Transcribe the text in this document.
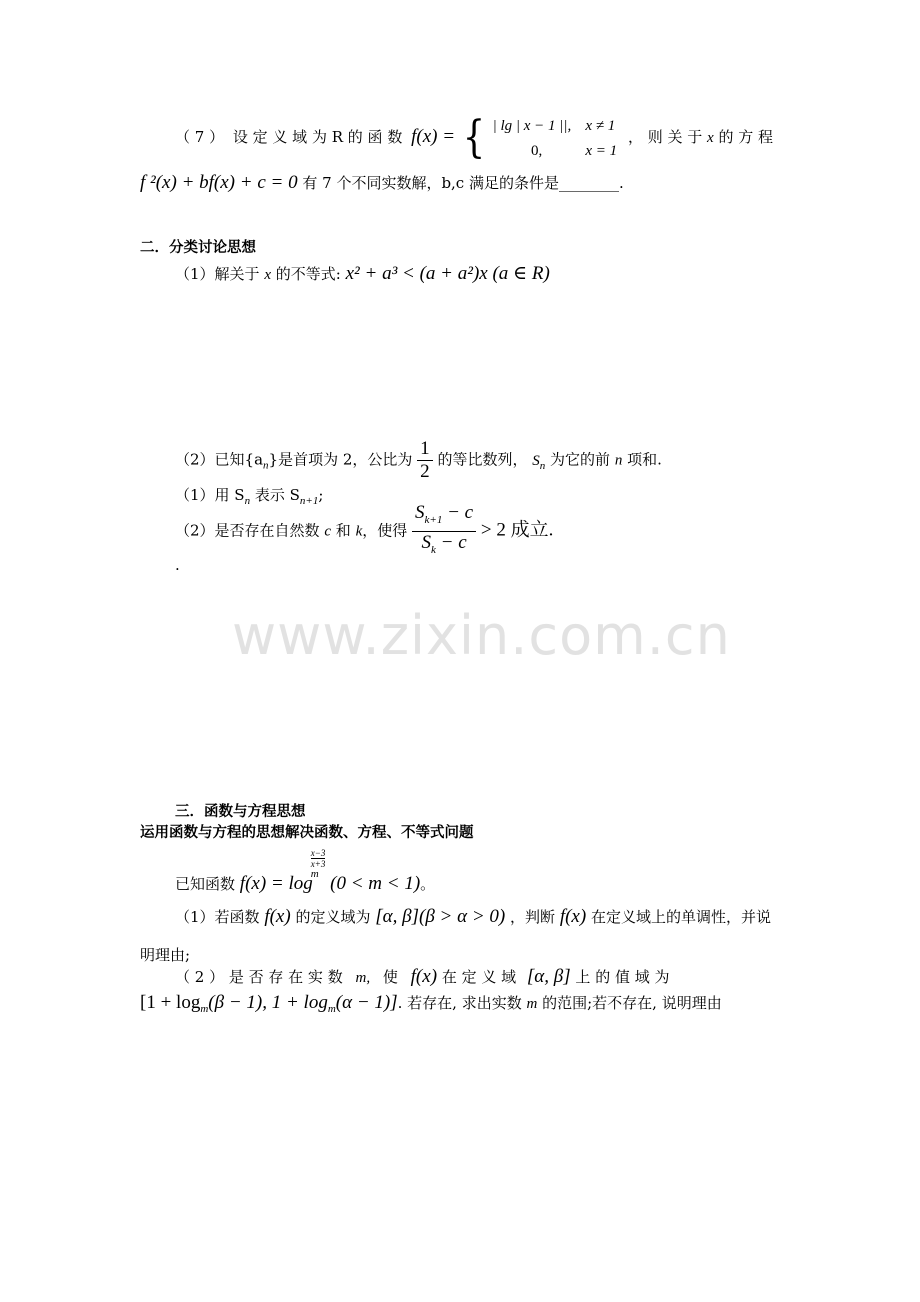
（ 7 ） 设 定 义 域 为 R 的 函 数 f(x) = { | lg | x − 1 ||, x ≠ 1
0,	x = 1
， 则 关 于 x 的 方 程
f ²(x) + bf(x) + c = 0 有 7 个不同实数解，b,c 满足的条件是________.
二．分类讨论思想
（1）解关于 x 的不等式: x² + a³ < (a + a²)x (a ∈ R)
（2）已知$\{a_n\}$是首项为 2，公比为 $\frac{1}{2}$ 的等比数列， $S_n$ 为它的前 n 项和.
（1）用 $S_n$ 表示 $S_{n+1}$;
（2）是否存在自然数 c 和 k，使得 $\frac{S_{k+1} - c}{S_k - c} > 2$ 成立.
.
www.zixin.com.cn
三．函数与方程思想
运用函数与方程的思想解决函数、方程、不等式问题
已知函数 f(x) = log
x−3
x+3
m (0 < m < 1)。
（1）若函数 f(x) 的定义域为 [α, β](β > α > 0) ，判断 f(x) 在定义域上的单调性，并说
明理由;
（ 2 ） 是 否 存 在 实 数 m, 使 f(x) 在 定 义 域 [α, β] 上 的 值 域 为
[$1 + \log_m(\beta - 1)$, $1 + \log_m(\alpha - 1)$]. 若存在, 求出实数 m 的范围;若不存在, 说明理由
